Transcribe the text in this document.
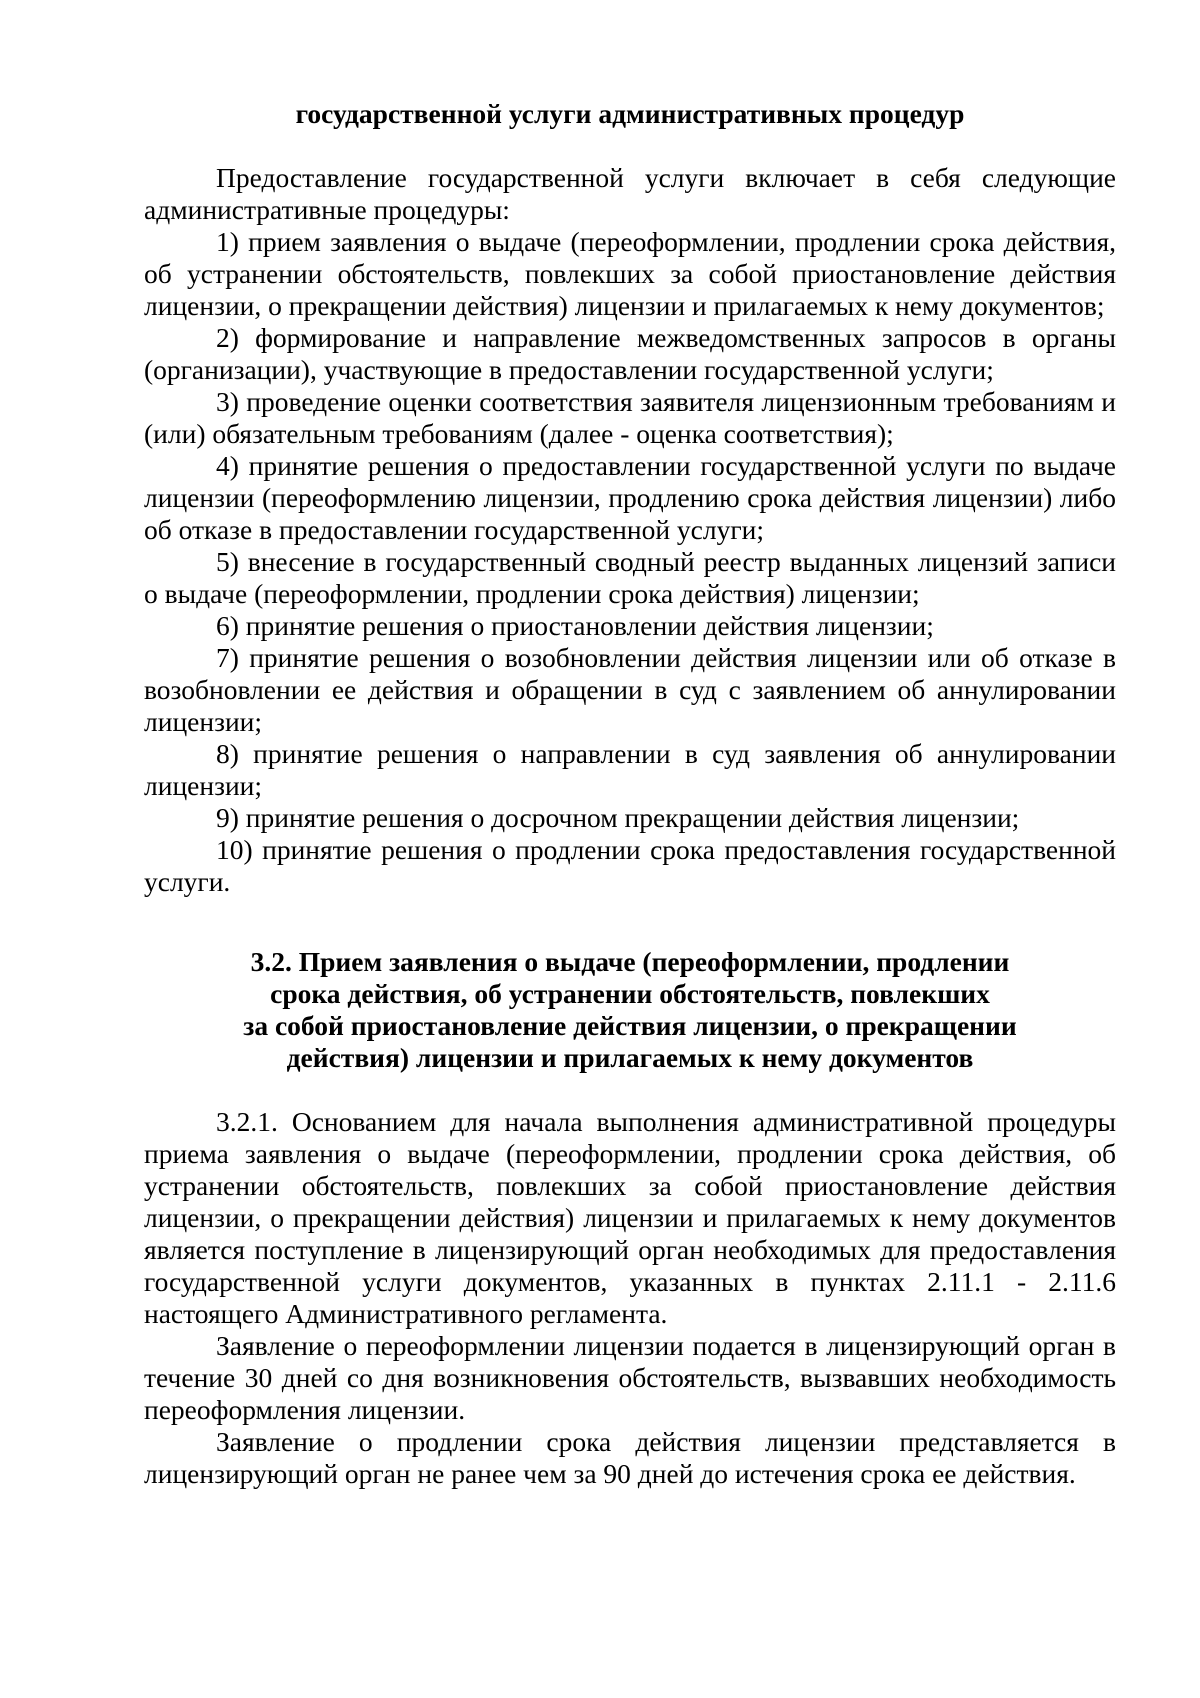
государственной услуги административных процедур

Предоставление государственной услуги включает в себя следующие административные процедуры:

1) прием заявления о выдаче (переоформлении, продлении срока действия, об устранении обстоятельств, повлекших за собой приостановление действия лицензии, о прекращении действия) лицензии и прилагаемых к нему документов;

2) формирование и направление межведомственных запросов в органы (организации), участвующие в предоставлении государственной услуги;

3) проведение оценки соответствия заявителя лицензионным требованиям и (или) обязательным требованиям (далее - оценка соответствия);

4) принятие решения о предоставлении государственной услуги по выдаче лицензии (переоформлению лицензии, продлению срока действия лицензии) либо об отказе в предоставлении государственной услуги;

5) внесение в государственный сводный реестр выданных лицензий записи о выдаче (переоформлении, продлении срока действия) лицензии;

6) принятие решения о приостановлении действия лицензии;

7) принятие решения о возобновлении действия лицензии или об отказе в возобновлении ее действия и обращении в суд с заявлением об аннулировании лицензии;

8) принятие решения о направлении в суд заявления об аннулировании лицензии;

9) принятие решения о досрочном прекращении действия лицензии;

10) принятие решения о продлении срока предоставления государственной услуги.

3.2. Прием заявления о выдаче (переоформлении, продлении

срока действия, об устранении обстоятельств, повлекших

за собой приостановление действия лицензии, о прекращении

действия) лицензии и прилагаемых к нему документов

3.2.1. Основанием для начала выполнения административной процедуры приема заявления о выдаче (переоформлении, продлении срока действия, об устранении обстоятельств, повлекших за собой приостановление действия лицензии, о прекращении действия) лицензии и прилагаемых к нему документов является поступление в лицензирующий орган необходимых для предоставления государственной услуги документов, указанных в пунктах 2.11.1 - 2.11.6 настоящего Административного регламента.

Заявление о переоформлении лицензии подается в лицензирующий орган в течение 30 дней со дня возникновения обстоятельств, вызвавших необходимость переоформления лицензии.

Заявление о продлении срока действия лицензии представляется в лицензирующий орган не ранее чем за 90 дней до истечения срока ее действия.
